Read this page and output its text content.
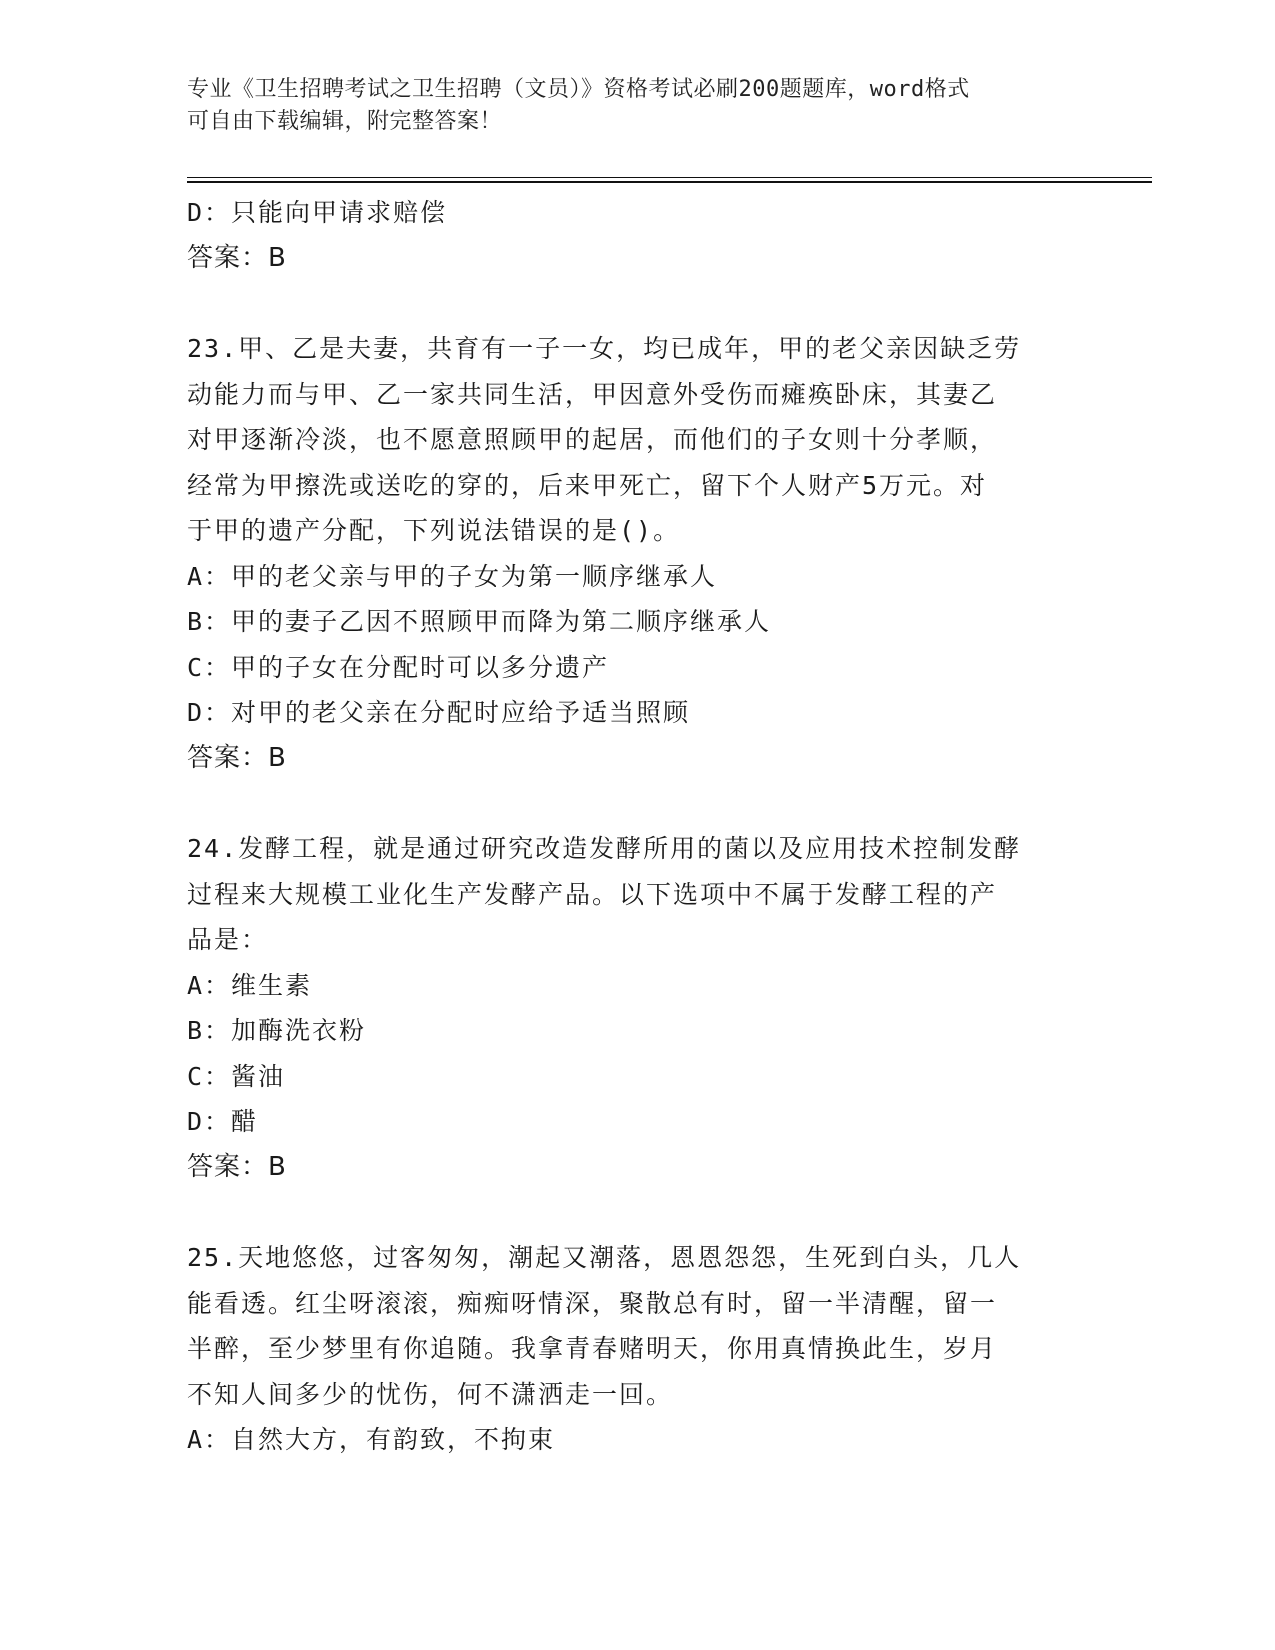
专业《卫生招聘考试之卫生招聘（文员）》资格考试必刷200题题库，word格式
可自由下载编辑，附完整答案！
D：只能向甲请求赔偿
答案：B
23.甲、乙是夫妻，共育有一子一女，均已成年，甲的老父亲因缺乏劳
动能力而与甲、乙一家共同生活，甲因意外受伤而瘫痪卧床，其妻乙
对甲逐渐冷淡，也不愿意照顾甲的起居，而他们的子女则十分孝顺，
经常为甲擦洗或送吃的穿的，后来甲死亡，留下个人财产5万元。对
于甲的遗产分配，下列说法错误的是()。
A：甲的老父亲与甲的子女为第一顺序继承人
B：甲的妻子乙因不照顾甲而降为第二顺序继承人
C：甲的子女在分配时可以多分遗产
D：对甲的老父亲在分配时应给予适当照顾
答案：B
24.发酵工程，就是通过研究改造发酵所用的菌以及应用技术控制发酵
过程来大规模工业化生产发酵产品。以下选项中不属于发酵工程的产
品是：
A：维生素
B：加酶洗衣粉
C：酱油
D：醋
答案：B
25.天地悠悠，过客匆匆，潮起又潮落，恩恩怨怨，生死到白头，几人
能看透。红尘呀滚滚，痴痴呀情深，聚散总有时，留一半清醒，留一
半醉，至少梦里有你追随。我拿青春赌明天，你用真情换此生，岁月
不知人间多少的忧伤，何不潇洒走一回。
A：自然大方，有韵致，不拘束
